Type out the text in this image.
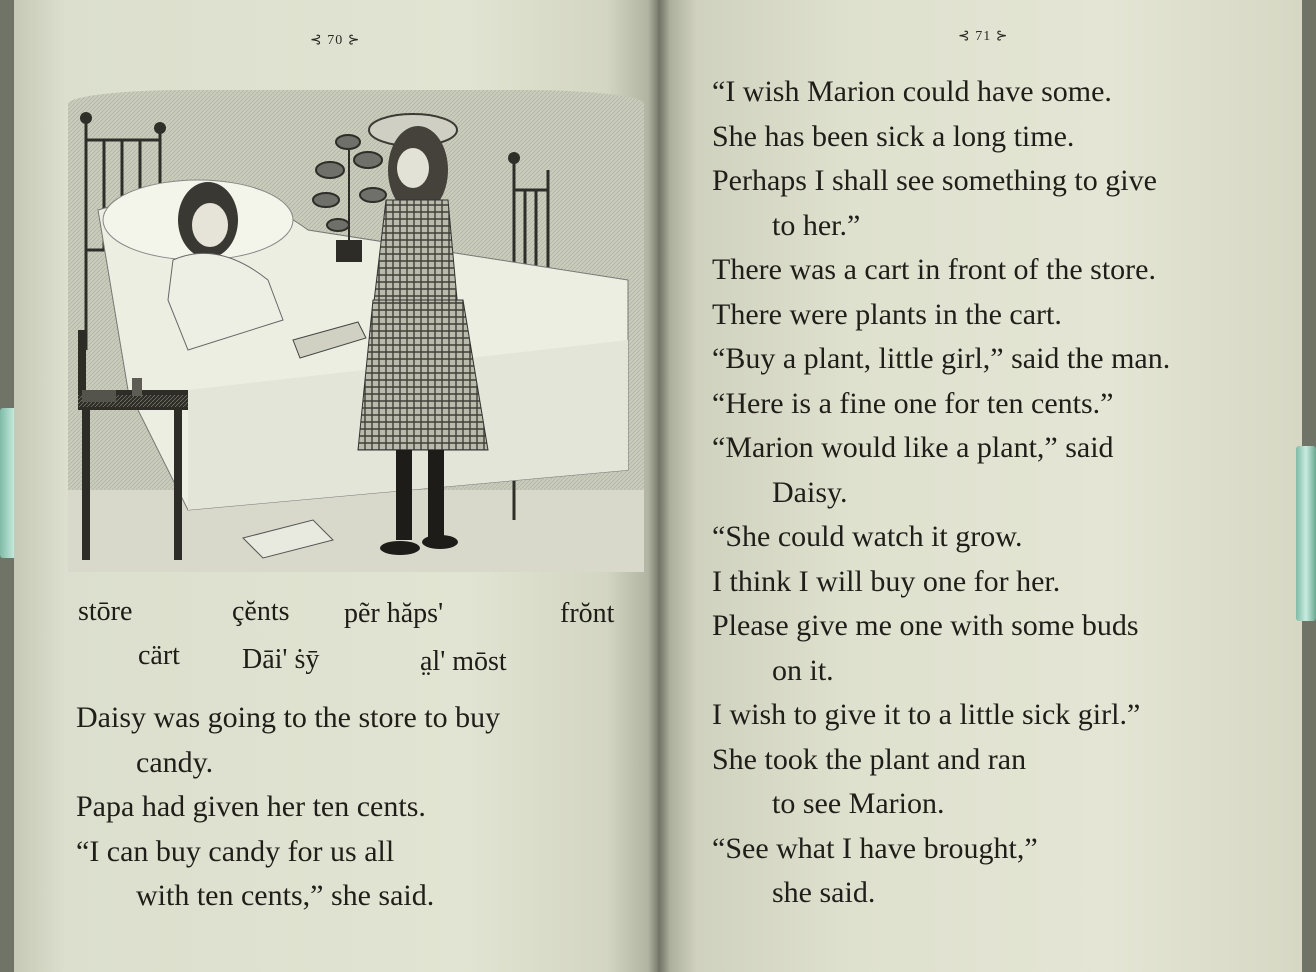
⊰ 70 ⊱
stōre	çĕnts pẽr hăps'	frŏnt
cärt Dāi' ṡȳ	a̤l' mōst
Daisy was going to the store to buy
candy.
Papa had given her ten cents.
“I can buy candy for us all
with ten cents,” she said.
⊰ 71 ⊱
“I wish Marion could have some.
She has been sick a long time.
Perhaps I shall see something to give
to her.”
There was a cart in front of the store.
There were plants in the cart.
“Buy a plant, little girl,” said the man.
“Here is a fine one for ten cents.”
“Marion would like a plant,” said
Daisy.
“She could watch it grow.
I think I will buy one for her.
Please give me one with some buds
on it.
I wish to give it to a little sick girl.”
She took the plant and ran
to see Marion.
“See what I have brought,”
she said.
